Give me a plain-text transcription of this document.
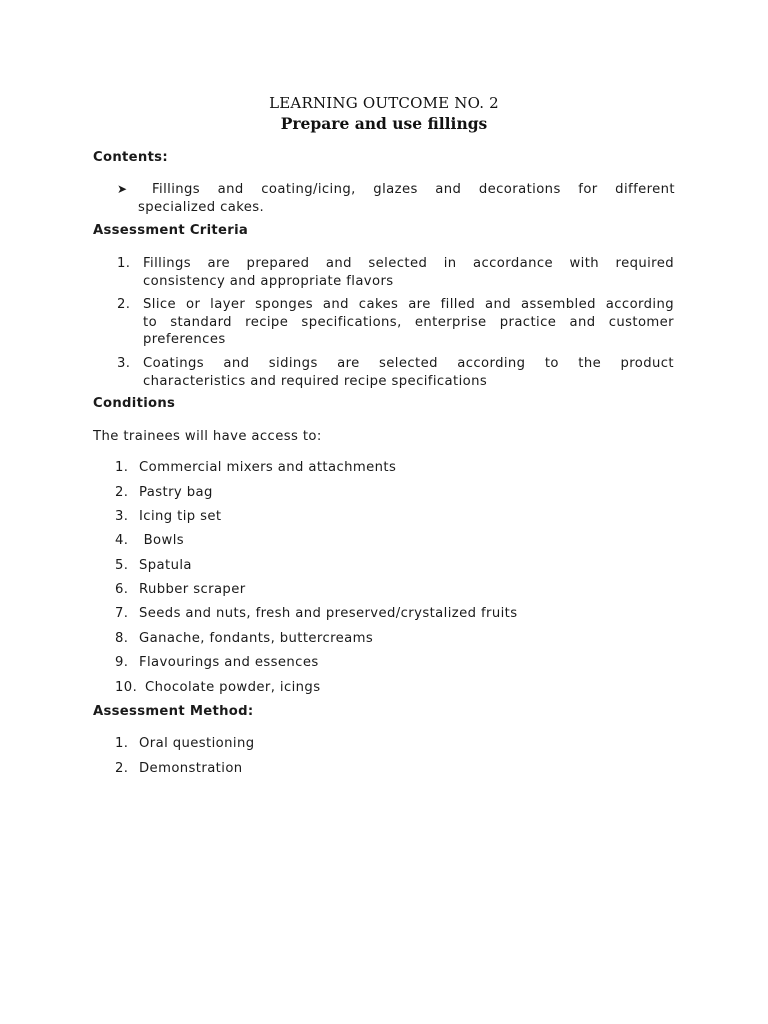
LEARNING OUTCOME NO. 2
Prepare and use fillings
Contents:
➤	Fillings and coating/icing, glazes and decorations for different
specialized cakes.
Assessment Criteria
1. Fillings are prepared and selected in accordance with required
consistency and appropriate flavors
2. Slice or layer sponges and cakes are filled and assembled according
to standard recipe specifications, enterprise practice and customer
preferences
3. Coatings and sidings are selected according to the product
characteristics and required recipe specifications
Conditions
The trainees will have access to:
1. Commercial mixers and attachments
2. Pastry bag
3. Icing tip set
4. Bowls
5. Spatula
6. Rubber scraper
7. Seeds and nuts, fresh and preserved/crystalized fruits
8. Ganache, fondants, buttercreams
9. Flavourings and essences
10. Chocolate powder, icings
Assessment Method:
1. Oral questioning
2. Demonstration
